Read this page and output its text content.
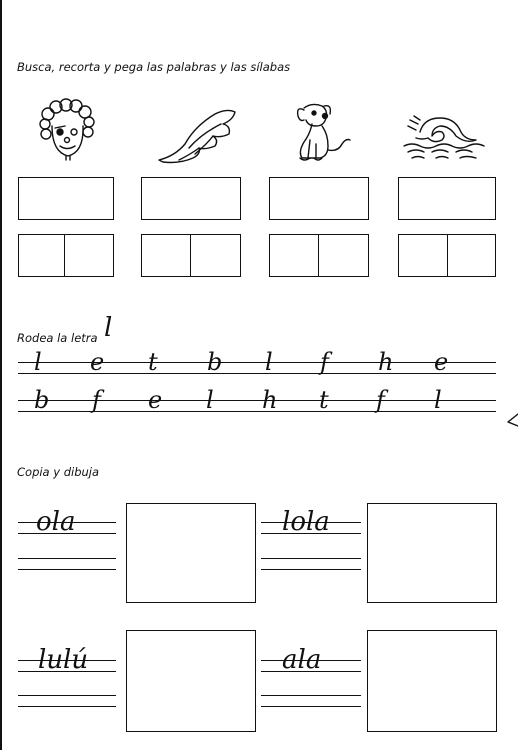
Busca, recorta y pega las palabras y las sílabas
Rodea la letra l
l e t b l f h e
b f e l h t f l
Copia y dibuja
ola	lola
lulú	ala
